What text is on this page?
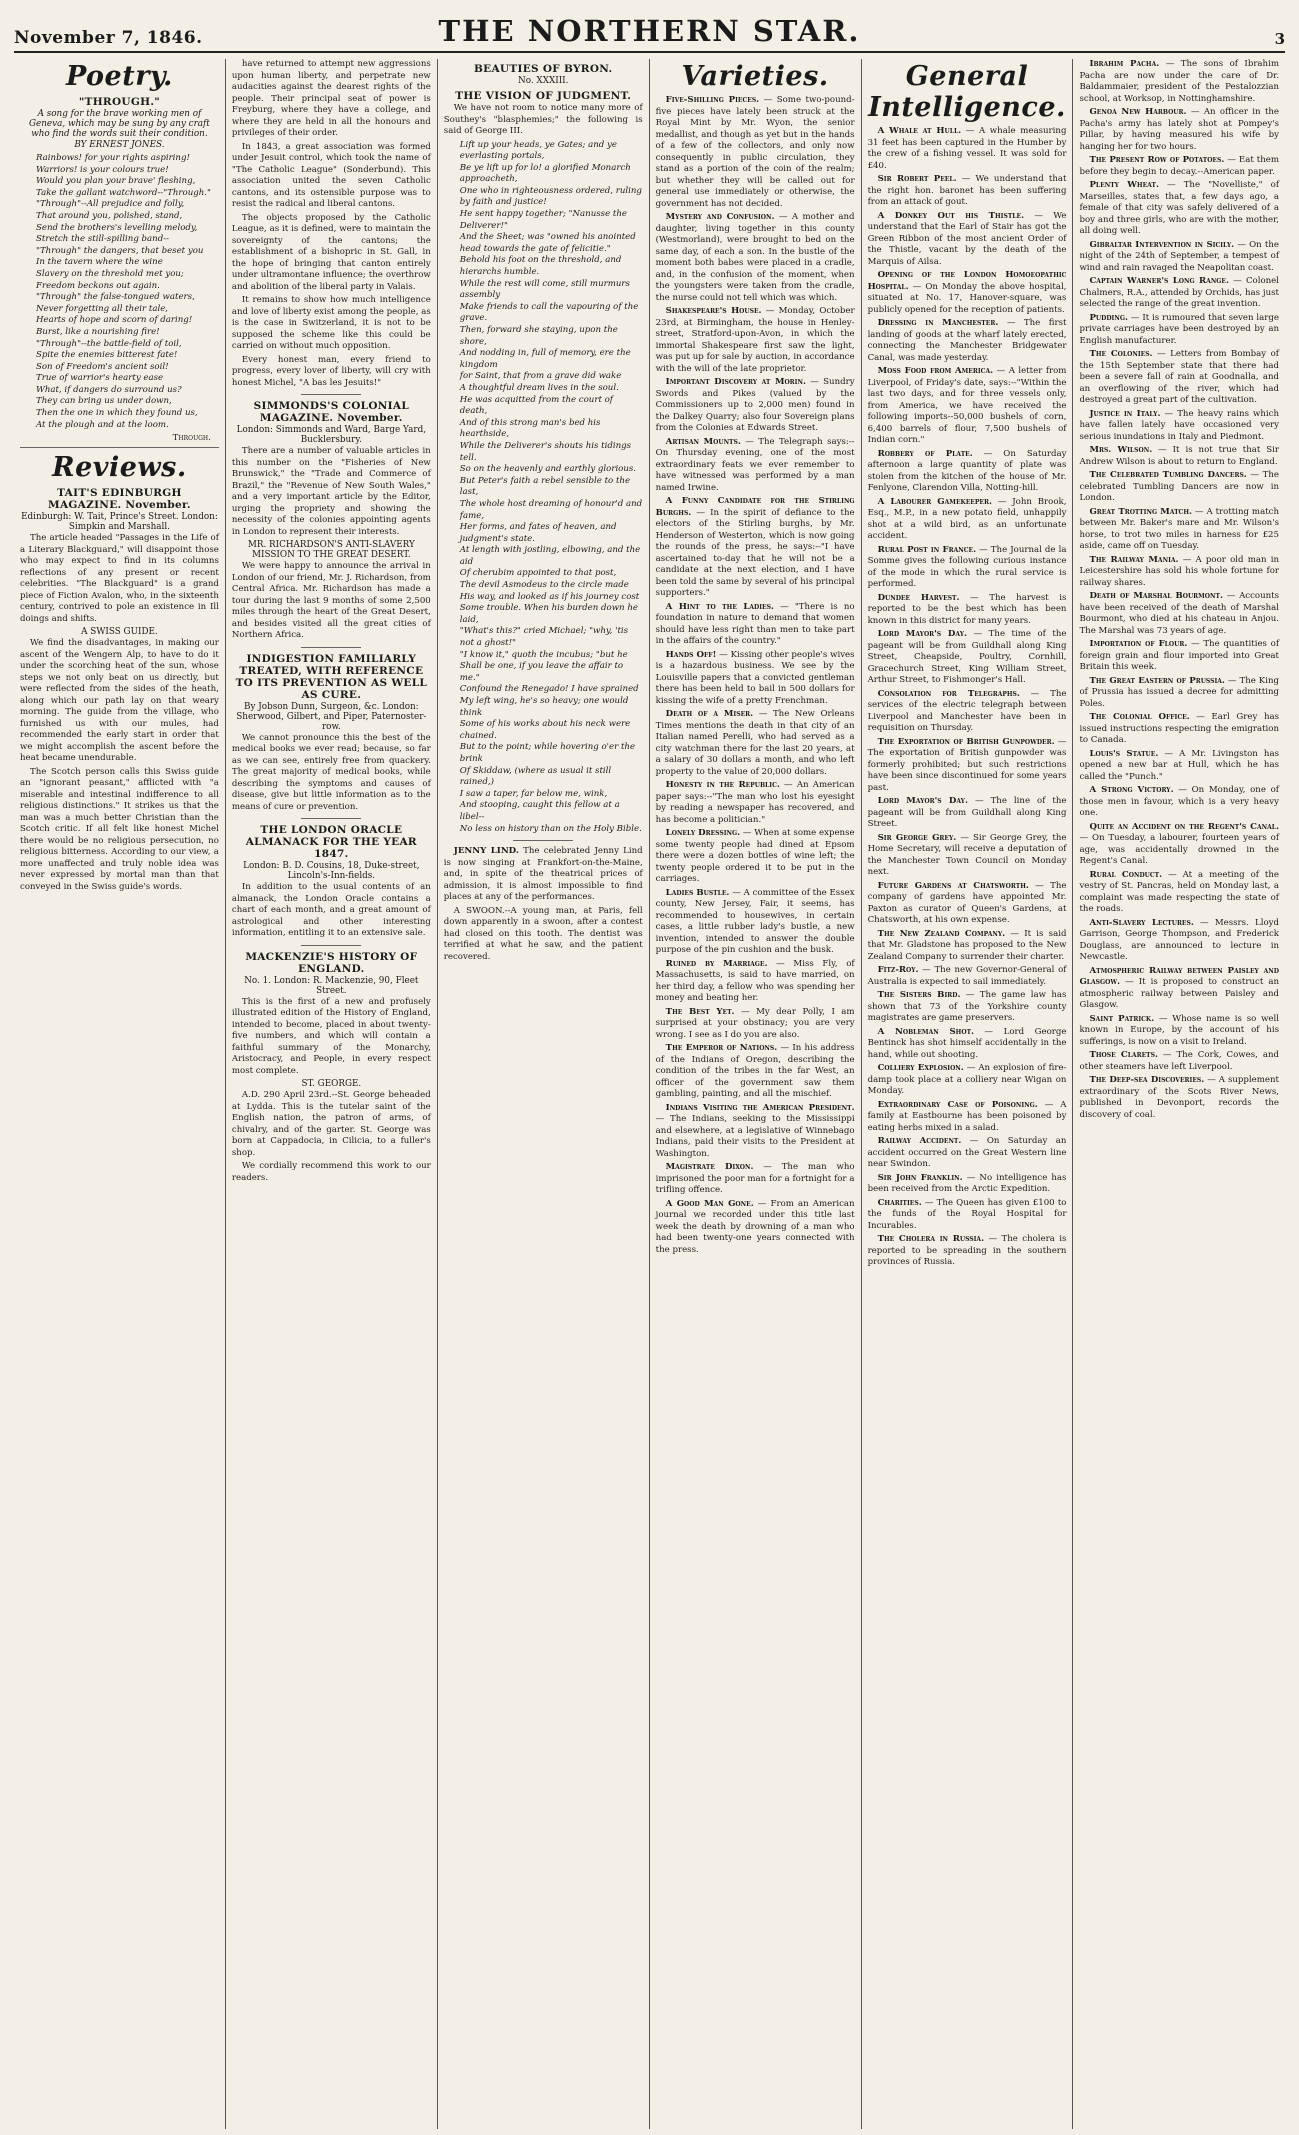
November 7, 1846.	THE NORTHERN STAR.	3
Poetry.
"THROUGH."
A song for the brave working men of Geneva, which may be sung by any craft who find the words suit their condition.
BY ERNEST JONES.
Rainbows! for your rights aspiring!
Warriors! is your colours true!
Would you plan your brave' fleshing,
Take the gallant watchword--"Through."
"Through"--All prejudice and folly,
That around you, polished, stand,
Send the brothers's levelling melody,
Stretch the still-spilling band--
"Through" the dangers, that beset you
In the tavern where the wine
Slavery on the threshold met you;
Freedom beckons out again.
"Through" the false-tongued waters,
Never forgetting all their tale,
Hearts of hope and scorn of daring!
Burst, like a nourishing fire!
"Through"--the battle-field of toil,
Spite the enemies bitterest fate!
Son of Freedom's ancient soil!
True of warrior's hearty ease
What, if dangers do surround us?
They can bring us under down,
Then the one in which they found us,
At the plough and at the loom.
Through.
Reviews.
TAIT'S EDINBURGH MAGAZINE. November.
Edinburgh: W. Tait, Prince's Street. London: Simpkin and Marshall.

The article headed "Passages in the Life of a Literary Blackguard," will disappoint those who may expect to find in its columns reflections of any present or recent celebrities. "The Blackguard" is a grand piece of Fiction Avalon, who, in the sixteenth century, contrived to pole an existence in Ill doings and shifts.

A SWISS GUIDE.

We find the disadvantages, in making our ascent of the Wengern Alp, to have to do it under the scorching heat of the sun, whose steps we not only beat on us directly, but were reflected from the sides of the heath, along which our path lay on that weary morning. The guide from the village, who furnished us with our mules, had recommended the early start in order that we might accomplish the ascent before the heat became unendurable.

The Scotch person calls this Swiss guide an "ignorant peasant," afflicted with "a miserable and intestinal indifference to all religious distinctions." It strikes us that the man was a much better Christian than the Scotch critic. If all felt like honest Michel there would be no religious persecution, no religious bitterness. According to our view, a more unaffected and truly noble idea was never expressed by mortal man than that conveyed in the Swiss guide's words.

have returned to attempt new aggressions upon human liberty, and perpetrate new audacities against the dearest rights of the people. Their principal seat of power is Freyburg, where they have a college, and where they are held in all the honours and privileges of their order.

In 1843, a great association was formed under Jesuit control, which took the name of "The Catholic League" (Sonderbund). This association united the seven Catholic cantons, and its ostensible purpose was to resist the radical and liberal cantons.

The objects proposed by the Catholic League, as it is defined, were to maintain the sovereignty of the cantons; the establishment of a bishopric in St. Gall, in the hope of bringing that canton entirely under ultramontane influence; the overthrow and abolition of the liberal party in Valais.

It remains to show how much intelligence and love of liberty exist among the people, as is the case in Switzerland, it is not to be supposed the scheme like this could be carried on without much opposition.

Every honest man, every friend to progress, every lover of liberty, will cry with honest Michel, "A bas les Jesuits!"

SIMMONDS'S COLONIAL MAGAZINE. November.
London: Simmonds and Ward, Barge Yard, Bucklersbury.

There are a number of valuable articles in this number on the "Fisheries of New Brunswick," the "Trade and Commerce of Brazil," the "Revenue of New South Wales," and a very important article by the Editor, urging the propriety and showing the necessity of the colonies appointing agents in London to represent their interests.

MR. RICHARDSON'S ANTI-SLAVERY MISSION TO THE GREAT DESERT.

We were happy to announce the arrival in London of our friend, Mr. J. Richardson, from Central Africa. Mr. Richardson has made a tour during the last 9 months of some 2,500 miles through the heart of the Great Desert, and besides visited all the great cities of Northern Africa.

INDIGESTION FAMILIARLY TREATED, WITH REFERENCE TO ITS PREVENTION AS WELL AS CURE.
By Jobson Dunn, Surgeon, &c. London: Sherwood, Gilbert, and Piper, Paternoster-row.

We cannot pronounce this the best of the medical books we ever read; because, so far as we can see, entirely free from quackery. The great majority of medical books, while describing the symptoms and causes of disease, give but little information as to the means of cure or prevention.

THE LONDON ORACLE ALMANACK FOR THE YEAR 1847.
London: B. D. Cousins, 18, Duke-street, Lincoln's-Inn-fields.

In addition to the usual contents of an almanack, the London Oracle contains a chart of each month, and a great amount of astrological and other interesting information, entitling it to an extensive sale.

MACKENZIE'S HISTORY OF ENGLAND.
No. 1. London: R. Mackenzie, 90, Fleet Street.

This is the first of a new and profusely illustrated edition of the History of England, intended to become, placed in about twenty-five numbers, and which will contain a faithful summary of the Monarchy, Aristocracy, and People, in every respect most complete.

ST. GEORGE.

A.D. 290 April 23rd.--St. George beheaded at Lydda. This is the tutelar saint of the English nation, the patron of arms, of chivalry, and of the garter. St. George was born at Cappadocia, in Cilicia, to a fuller's shop.

We cordially recommend this work to our readers.

BEAUTIES OF BYRON.
No. XXXIII.
THE VISION OF JUDGMENT.

We have not room to notice many more of Southey's "blasphemies;" the following is said of George III.

Lift up your heads, ye Gates; and ye everlasting portals,
Be ye lift up for lo! a glorified Monarch approacheth,
One who in righteousness ordered, ruling by faith and justice!
He sent happy together; "Nanusse the Deliverer!"
And the Sheet; was "owned his anointed head towards the gate of felicitie."
Behold his foot on the threshold, and hierarchs humble.
While the rest will come, still murmurs assembly
Make friends to call the vapouring of the grave.
Then, forward she staying, upon the shore,
And nodding in, full of memory, ere the kingdom
for Saint, that from a grave did wake
A thoughtful dream lives in the soul.
He was acquitted from the court of death,
And of this strong man's bed his hearthside,
While the Deliverer's shouts his tidings tell.
So on the heavenly and earthly glorious.
But Peter's faith a rebel sensible to the last,
The whole host dreaming of honour'd and fame,
Her forms, and fates of heaven, and judgment's state.
At length with jostling, elbowing, and the aid
Of cherubim appointed to that post,
The devil Asmodeus to the circle made
His way, and looked as if his journey cost
Some trouble. When his burden down he laid,
"What's this?" cried Michael; "why, 'tis not a ghost!"
"I know it," quoth the incubus; "but he
Shall be one, if you leave the affair to me."
Confound the Renegado! I have sprained
My left wing, he's so heavy; one would think
Some of his works about his neck were chained.
But to the point; while hovering o'er the brink
Of Skiddaw, (where as usual it still rained,)
I saw a taper, far below me, wink,
And stooping, caught this fellow at a libel--
No less on history than on the Holy Bible.

JENNY LIND. The celebrated Jenny Lind is now singing at Frankfort-on-the-Maine, and, in spite of the theatrical prices of admission, it is almost impossible to find places at any of the performances.

A SWOON.--A young man, at Paris, fell down apparently in a swoon, after a contest had closed on this tooth. The dentist was terrified at what he saw, and the patient recovered.

Varieties.

Five-Shilling Pieces. — Some two-pound-five pieces have lately been struck at the Royal Mint by Mr. Wyon, the senior medallist, and though as yet but in the hands of a few of the collectors, and only now consequently in public circulation, they stand as a portion of the coin of the realm; but whether they will be called out for general use immediately or otherwise, the government has not decided.

Mystery and Confusion. — A mother and daughter, living together in this county (Westmorland), were brought to bed on the same day, of each a son. In the bustle of the moment both babes were placed in a cradle, and, in the confusion of the moment, when the youngsters were taken from the cradle, the nurse could not tell which was which.

Shakespeare's House. — Monday, October 23rd, at Birmingham, the house in Henley-street, Stratford-upon-Avon, in which the immortal Shakespeare first saw the light, was put up for sale by auction, in accordance with the will of the late proprietor.

Important Discovery at Morin. — Sundry Swords and Pikes (valued by the Commissioners up to 2,000 men) found in the Dalkey Quarry; also four Sovereign plans from the Colonies at Edwards Street.

Artisan Mounts. — The Telegraph says:--On Thursday evening, one of the most extraordinary feats we ever remember to have witnessed was performed by a man named Irwine.

A Funny Candidate for the Stirling Burghs. — In the spirit of defiance to the electors of the Stirling burghs, by Mr. Henderson of Westerton, which is now going the rounds of the press, he says:--"I have ascertained to-day that he will not be a candidate at the next election, and I have been told the same by several of his principal supporters."

A Hint to the Ladies. — "There is no foundation in nature to demand that women should have less right than men to take part in the affairs of the country."

Hands Off! — Kissing other people's wives is a hazardous business. We see by the Louisville papers that a convicted gentleman there has been held to bail in 500 dollars for kissing the wife of a pretty Frenchman.

Death of a Miser. — The New Orleans Times mentions the death in that city of an Italian named Perelli, who had served as a city watchman there for the last 20 years, at a salary of 30 dollars a month, and who left property to the value of 20,000 dollars.

Honesty in the Republic. — An American paper says:--"The man who lost his eyesight by reading a newspaper has recovered, and has become a politician."

Lonely Dressing. — When at some expense some twenty people had dined at Epsom there were a dozen bottles of wine left; the twenty people ordered it to be put in the carriages.

Ladies Bustle. — A committee of the Essex county, New Jersey, Fair, it seems, has recommended to housewives, in certain cases, a little rubber lady's bustle, a new invention, intended to answer the double purpose of the pin cushion and the busk.

Ruined by Marriage. — Miss Fly, of Massachusetts, is said to have married, on her third day, a fellow who was spending her money and beating her.

The Best Yet. — My dear Polly, I am surprised at your obstinacy; you are very wrong. I see as I do you are also.

The Emperor of Nations. — In his address of the Indians of Oregon, describing the condition of the tribes in the far West, an officer of the government saw them gambling, painting, and all the mischief.

Indians Visiting the American President. — The Indians, seeking to the Mississippi and elsewhere, at a legislative of Winnebago Indians, paid their visits to the President at Washington.

Magistrate Dixon. — The man who imprisoned the poor man for a fortnight for a trifling offence.

A Good Man Gone. — From an American journal we recorded under this title last week the death by drowning of a man who had been twenty-one years connected with the press.

General Intelligence.

A Whale at Hull. — A whale measuring 31 feet has been captured in the Humber by the crew of a fishing vessel. It was sold for £40.

Sir Robert Peel. — We understand that the right hon. baronet has been suffering from an attack of gout.

A Donkey Out his Thistle. — We understand that the Earl of Stair has got the Green Ribbon of the most ancient Order of the Thistle, vacant by the death of the Marquis of Ailsa.

Opening of the London Homoeopathic Hospital. — On Monday the above hospital, situated at No. 17, Hanover-square, was publicly opened for the reception of patients.

Dressing in Manchester. — The first landing of goods at the wharf lately erected, connecting the Manchester Bridgewater Canal, was made yesterday.

Moss Food from America. — A letter from Liverpool, of Friday's date, says:--"Within the last two days, and for three vessels only, from America, we have received the following imports--50,000 bushels of corn, 6,400 barrels of flour, 7,500 bushels of Indian corn."

Robbery of Plate. — On Saturday afternoon a large quantity of plate was stolen from the kitchen of the house of Mr. Fenlyone, Clarendon Villa, Notting-hill.

A Labourer Gamekeeper. — John Brook, Esq., M.P., in a new potato field, unhappily shot at a wild bird, as an unfortunate accident.

Rural Post in France. — The Journal de la Somme gives the following curious instance of the mode in which the rural service is performed.

Dundee Harvest. — The harvest is reported to be the best which has been known in this district for many years.

Lord Mayor's Day. — The time of the pageant will be from Guildhall along King Street, Cheapside, Poultry, Cornhill, Gracechurch Street, King William Street, Arthur Street, to Fishmonger's Hall.

Consolation for Telegraphs. — The services of the electric telegraph between Liverpool and Manchester have been in requisition on Thursday.

The Exportation of British Gunpowder. — The exportation of British gunpowder was formerly prohibited; but such restrictions have been since discontinued for some years past.

Lord Mayor's Day. — The line of the pageant will be from Guildhall along King Street.

Sir George Grey. — Sir George Grey, the Home Secretary, will receive a deputation of the Manchester Town Council on Monday next.

Future Gardens at Chatsworth. — The company of gardens have appointed Mr. Paxton as curator of Queen's Gardens, at Chatsworth, at his own expense.

The New Zealand Company. — It is said that Mr. Gladstone has proposed to the New Zealand Company to surrender their charter.

Fitz-Roy. — The new Governor-General of Australia is expected to sail immediately.

The Sisters Bird. — The game law has shown that 73 of the Yorkshire county magistrates are game preservers.

A Nobleman Shot. — Lord George Bentinck has shot himself accidentally in the hand, while out shooting.

Colliery Explosion. — An explosion of fire-damp took place at a colliery near Wigan on Monday.

Extraordinary Case of Poisoning. — A family at Eastbourne has been poisoned by eating herbs mixed in a salad.

Railway Accident. — On Saturday an accident occurred on the Great Western line near Swindon.

Sir John Franklin. — No intelligence has been received from the Arctic Expedition.

Charities. — The Queen has given £100 to the funds of the Royal Hospital for Incurables.

The Cholera in Russia. — The cholera is reported to be spreading in the southern provinces of Russia.

Ibrahim Pacha. — The sons of Ibrahim Pacha are now under the care of Dr. Baldammaier, president of the Pestalozzian school, at Worksop, in Nottinghamshire.

Genoa New Harbour. — An officer in the Pacha's army has lately shot at Pompey's Pillar, by having measured his wife by hanging her for two hours.

The Present Row of Potatoes. — Eat them before they begin to decay.--American paper.

Plenty Wheat. — The "Novelliste," of Marseilles, states that, a few days ago, a female of that city was safely delivered of a boy and three girls, who are with the mother, all doing well.

Gibraltar Intervention in Sicily. — On the night of the 24th of September, a tempest of wind and rain ravaged the Neapolitan coast.

Captain Warner's Long Range. — Colonel Chalmers, R.A., attended by Orchids, has just selected the range of the great invention.

Pudding. — It is rumoured that seven large private carriages have been destroyed by an English manufacturer.

The Colonies. — Letters from Bombay of the 15th September state that there had been a severe fall of rain at Goodnalla, and an overflowing of the river, which had destroyed a great part of the cultivation.

Justice in Italy. — The heavy rains which have fallen lately have occasioned very serious inundations in Italy and Piedmont.

Mrs. Wilson. — It is not true that Sir Andrew Wilson is about to return to England.

The Celebrated Tumbling Dancers. — The celebrated Tumbling Dancers are now in London.

Great Trotting Match. — A trotting match between Mr. Baker's mare and Mr. Wilson's horse, to trot two miles in harness for £25 aside, came off on Tuesday.

The Railway Mania. — A poor old man in Leicestershire has sold his whole fortune for railway shares.

Death of Marshal Bourmont. — Accounts have been received of the death of Marshal Bourmont, who died at his chateau in Anjou. The Marshal was 73 years of age.

Importation of Flour. — The quantities of foreign grain and flour imported into Great Britain this week.

The Great Eastern of Prussia. — The King of Prussia has issued a decree for admitting Poles.

The Colonial Office. — Earl Grey has issued instructions respecting the emigration to Canada.

Louis's Statue. — A Mr. Livingston has opened a new bar at Hull, which he has called the "Punch."

A Strong Victory. — On Monday, one of those men in favour, which is a very heavy one.

Quite an Accident on the Regent's Canal. — On Tuesday, a labourer, fourteen years of age, was accidentally drowned in the Regent's Canal.

Rural Conduct. — At a meeting of the vestry of St. Pancras, held on Monday last, a complaint was made respecting the state of the roads.

Anti-Slavery Lectures. — Messrs. Lloyd Garrison, George Thompson, and Frederick Douglass, are announced to lecture in Newcastle.

Atmospheric Railway between Paisley and Glasgow. — It is proposed to construct an atmospheric railway between Paisley and Glasgow.

Saint Patrick. — Whose name is so well known in Europe, by the account of his sufferings, is now on a visit to Ireland.

Those Clarets. — The Cork, Cowes, and other steamers have left Liverpool.

The Deep-sea Discoveries. — A supplement extraordinary of the Scots River News, published in Devonport, records the discovery of coal.
